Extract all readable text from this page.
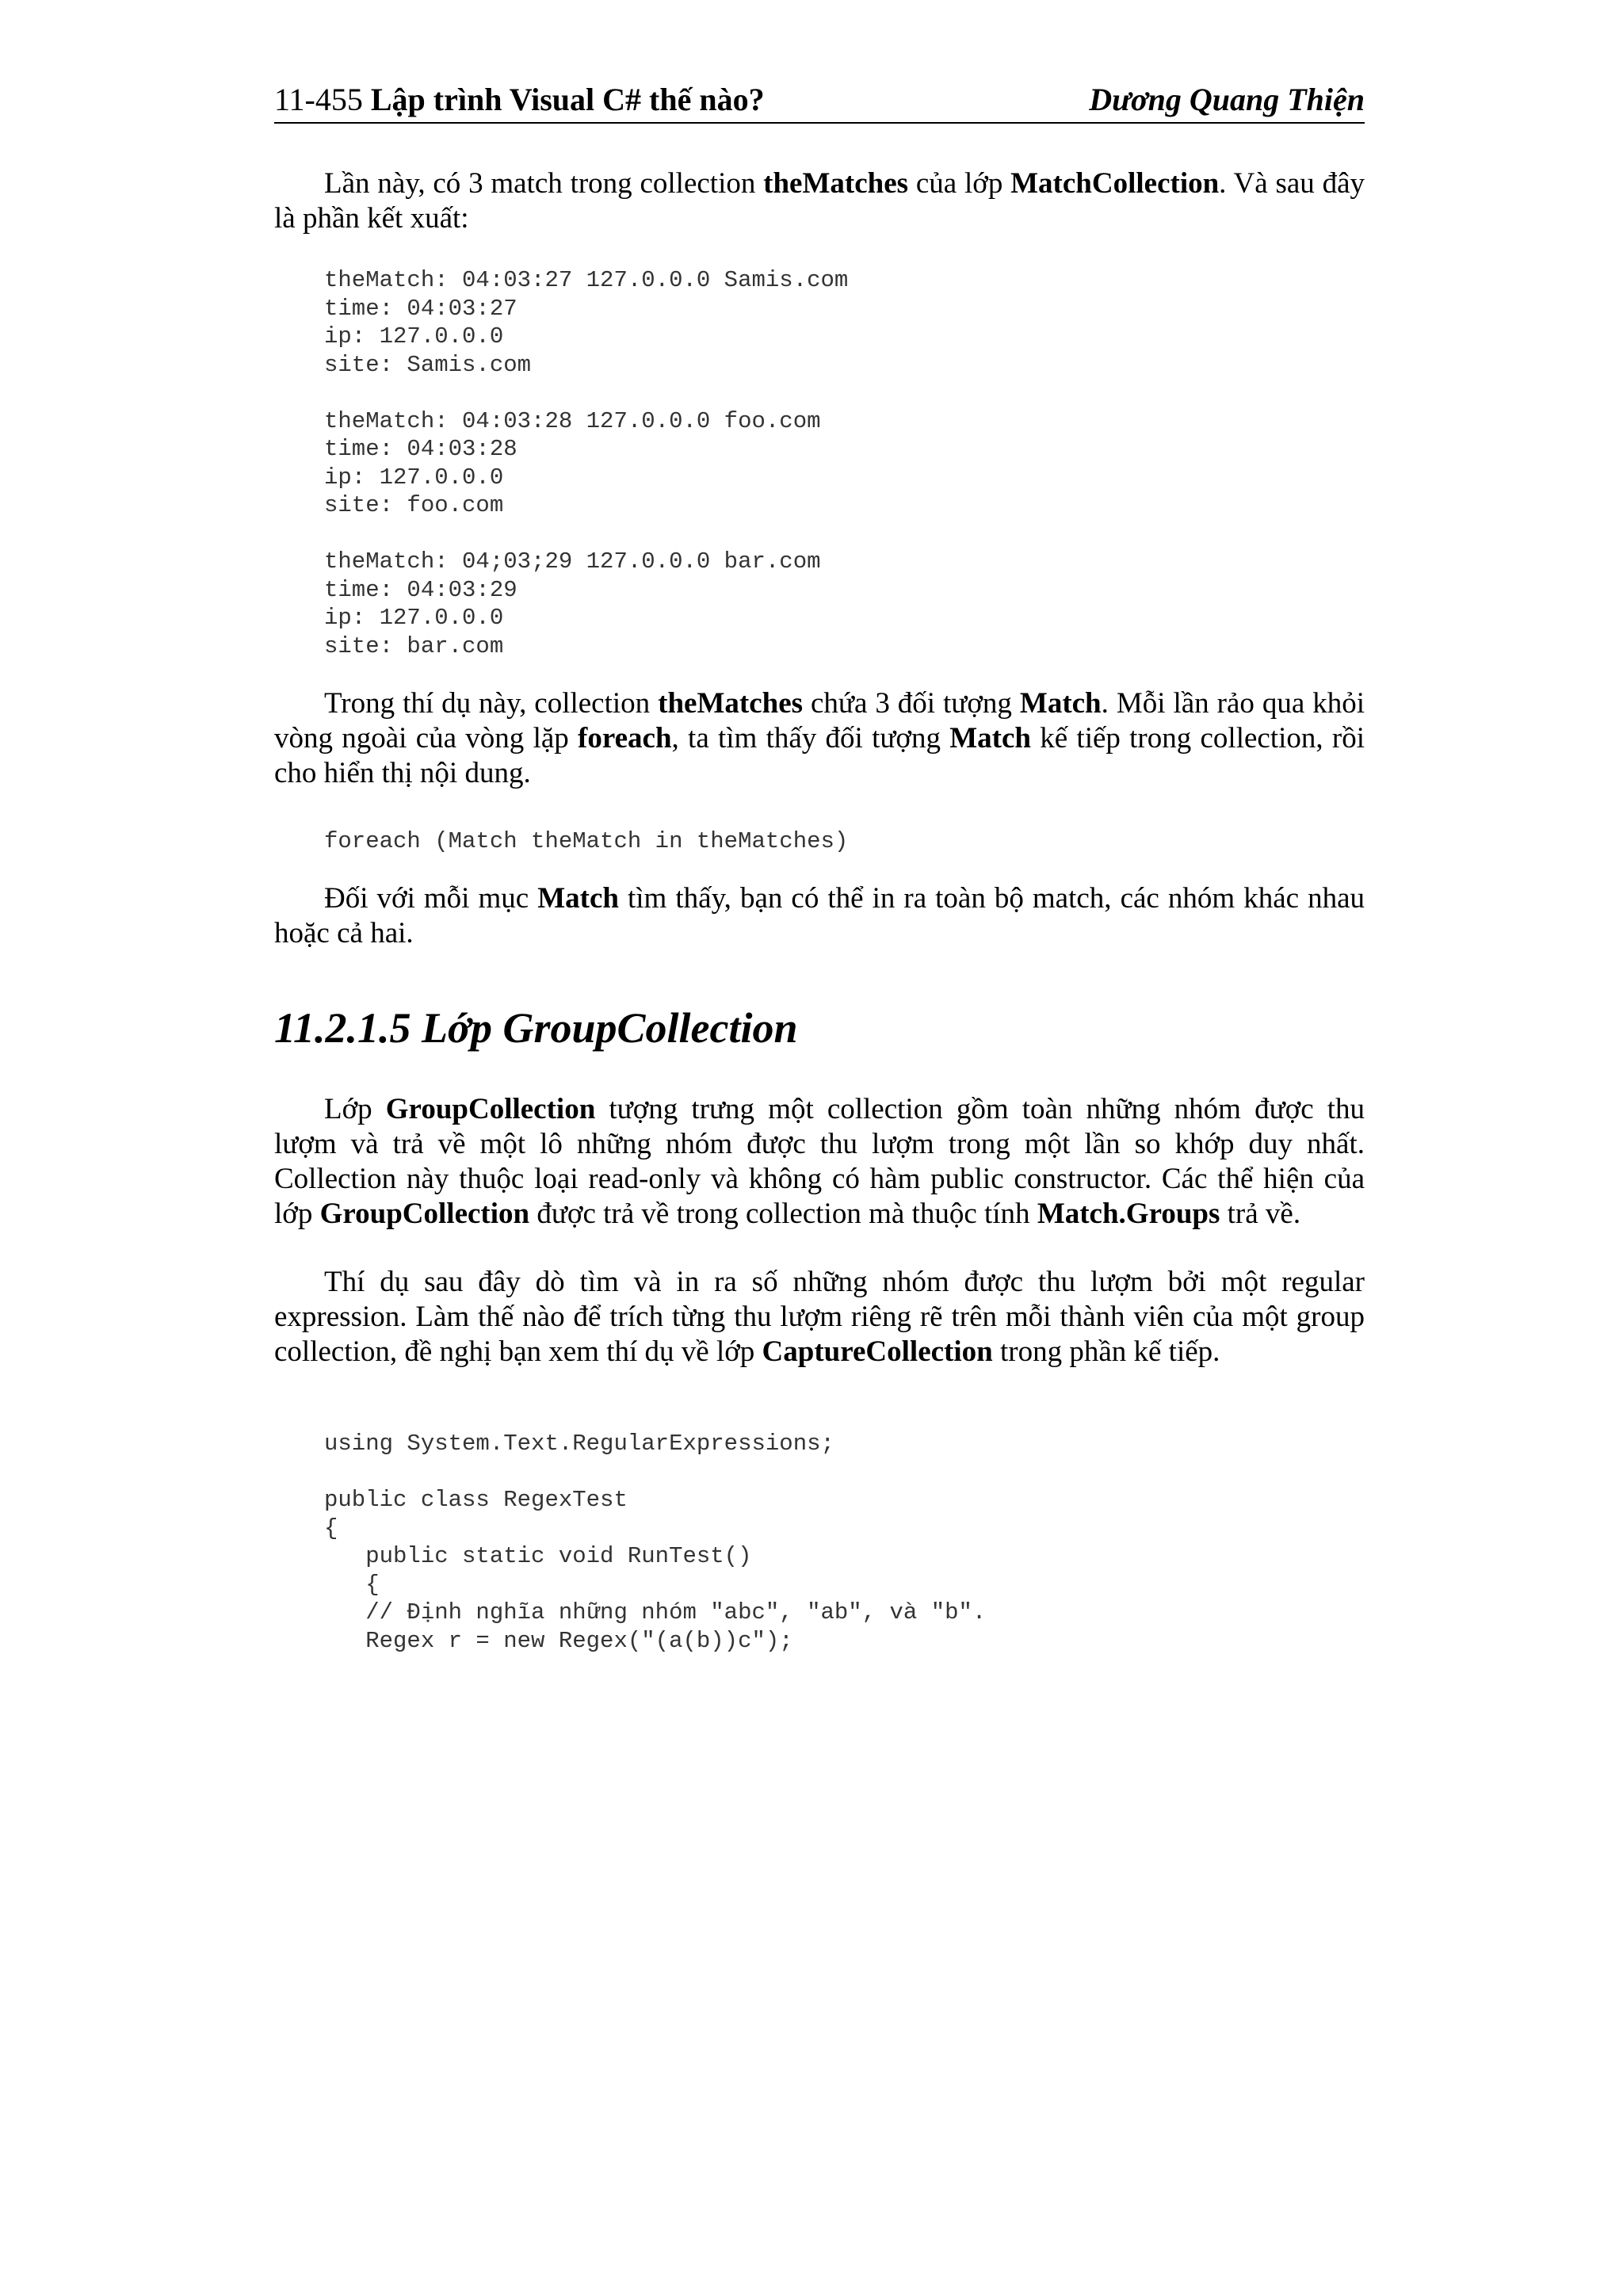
11-455 Lập trình Visual C# thế nào?	Dương Quang Thiện
Lần này, có 3 match trong collection theMatches của lớp MatchCollection. Và sau đây là phần kết xuất:
theMatch: 04:03:27 127.0.0.0 Samis.com
time: 04:03:27
ip: 127.0.0.0
site: Samis.com

theMatch: 04:03:28 127.0.0.0 foo.com
time: 04:03:28
ip: 127.0.0.0
site: foo.com

theMatch: 04;03;29 127.0.0.0 bar.com
time: 04:03:29
ip: 127.0.0.0
site: bar.com
Trong thí dụ này, collection theMatches chứa 3 đối tượng Match. Mỗi lần rảo qua khỏi vòng ngoài của vòng lặp foreach, ta tìm thấy đối tượng Match kế tiếp trong collection, rồi cho hiển thị nội dung.
foreach (Match theMatch in theMatches)
Đối với mỗi mục Match tìm thấy, bạn có thể in ra toàn bộ match, các nhóm khác nhau hoặc cả hai.
11.2.1.5 Lớp GroupCollection
Lớp GroupCollection tượng trưng một collection gồm toàn những nhóm được thu lượm và trả về một lô những nhóm được thu lượm trong một lần so khớp duy nhất. Collection này thuộc loại read-only và không có hàm public constructor. Các thể hiện của lớp GroupCollection được trả về trong collection mà thuộc tính Match.Groups trả về.
Thí dụ sau đây dò tìm và in ra số những nhóm được thu lượm bởi một regular expression. Làm thế nào để trích từng thu lượm riêng rẽ trên mỗi thành viên của một group collection, đề nghị bạn xem thí dụ về lớp CaptureCollection trong phần kế tiếp.
using System.Text.RegularExpressions;

public class RegexTest
{
public static void RunTest()
{
// Định nghĩa những nhóm "abc", "ab", và "b".
Regex r = new Regex("(a(b))c");
